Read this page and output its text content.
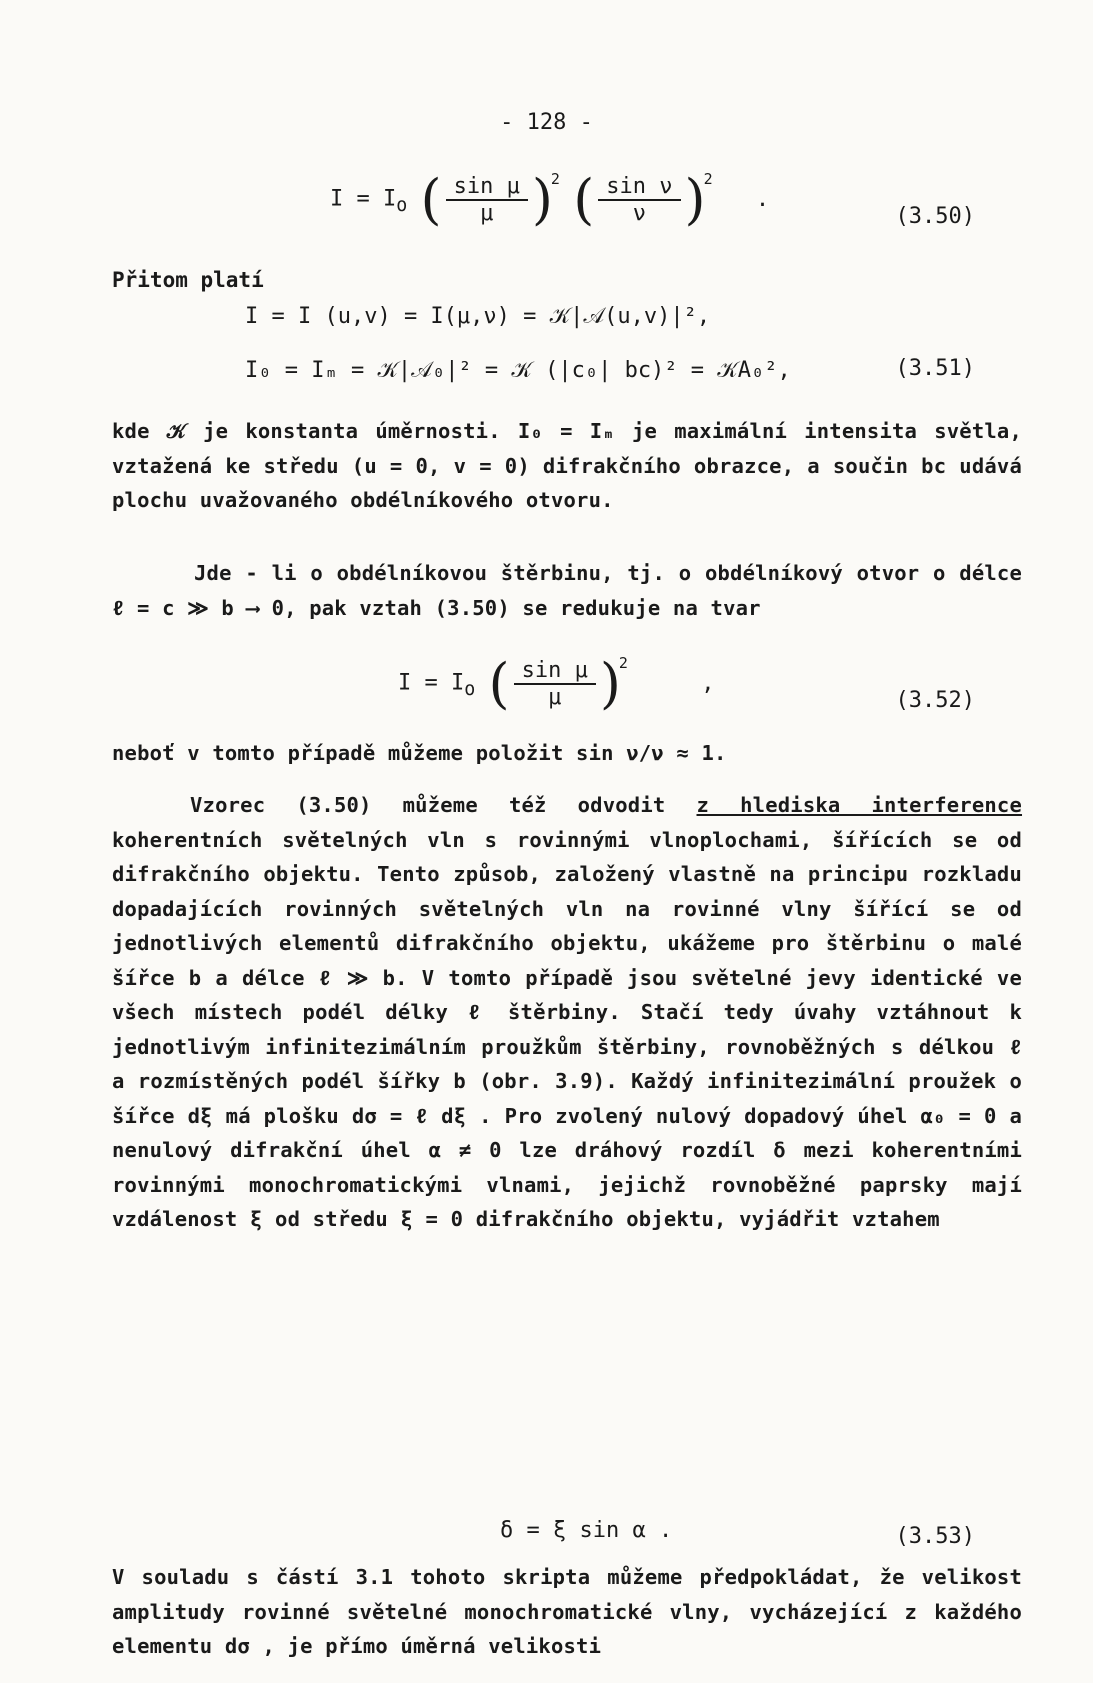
- 128 -
$I = I_o$ ( $\frac{\text{sin μ}}{\mu} )^2$ ( $\frac{\text{sin ν}}{\nu} )^2$ .
(3.50)
Přitom platí
I = I (u,v) = I(μ,ν) = 𝒦|𝒜(u,v)|²,
I₀ = Iₘ = 𝒦|𝒜₀|² = 𝒦 (|c₀| bc)² = 𝒦A₀²,	(3.51)
kde 𝒦 je konstanta úměrnosti. I₀ = Iₘ je maximální intensita světla, vztažená ke středu (u = 0, v = 0) difrakčního obrazce, a součin bc udává plochu uvažovaného obdélníkového otvoru.
Jde - li o obdélníkovou štěrbinu, tj. o obdélníkový otvor o délce ℓ = c ≫ b ⟶ 0, pak vztah (3.50) se redukuje na tvar
$I = I_o$ ( $\frac{\text{sin μ}}{\mu} )^2$ ,
(3.52)
neboť v tomto případě můžeme položit sin ν/ν ≈ 1.
Vzorec (3.50) můžeme též odvodit z hlediska interference koherentních světelných vln s rovinnými vlnoplochami, šířících se od difrakčního objektu. Tento způsob, založený vlastně na principu rozkladu dopadajících rovinných světelných vln na rovinné vlny šířící se od jednotlivých elementů difrakčního objektu, ukážeme pro štěrbinu o malé šířce b a délce ℓ ≫ b. V tomto případě jsou světelné jevy identické ve všech místech podél délky ℓ štěrbiny. Stačí tedy úvahy vztáhnout k jednotlivým infinitezimálním proužkům štěrbiny, rovnoběžných s délkou ℓ a rozmístěných podél šířky b (obr. 3.9). Každý infinitezimální proužek o šířce dξ má plošku dσ = ℓ dξ . Pro zvolený nulový dopadový úhel α₀ = 0 a nenulový difrakční úhel α ≠ 0 lze dráhový rozdíl δ mezi koherentními rovinnými monochromatickými vlnami, jejichž rovnoběžné paprsky mají vzdálenost ξ od středu ξ = 0 difrakčního objektu, vyjádřit vztahem
δ = ξ sin α .	(3.53)
V souladu s částí 3.1 tohoto skripta můžeme předpokládat, že velikost amplitudy rovinné světelné monochromatické vlny, vycházející z každého elementu dσ , je přímo úměrná velikosti
